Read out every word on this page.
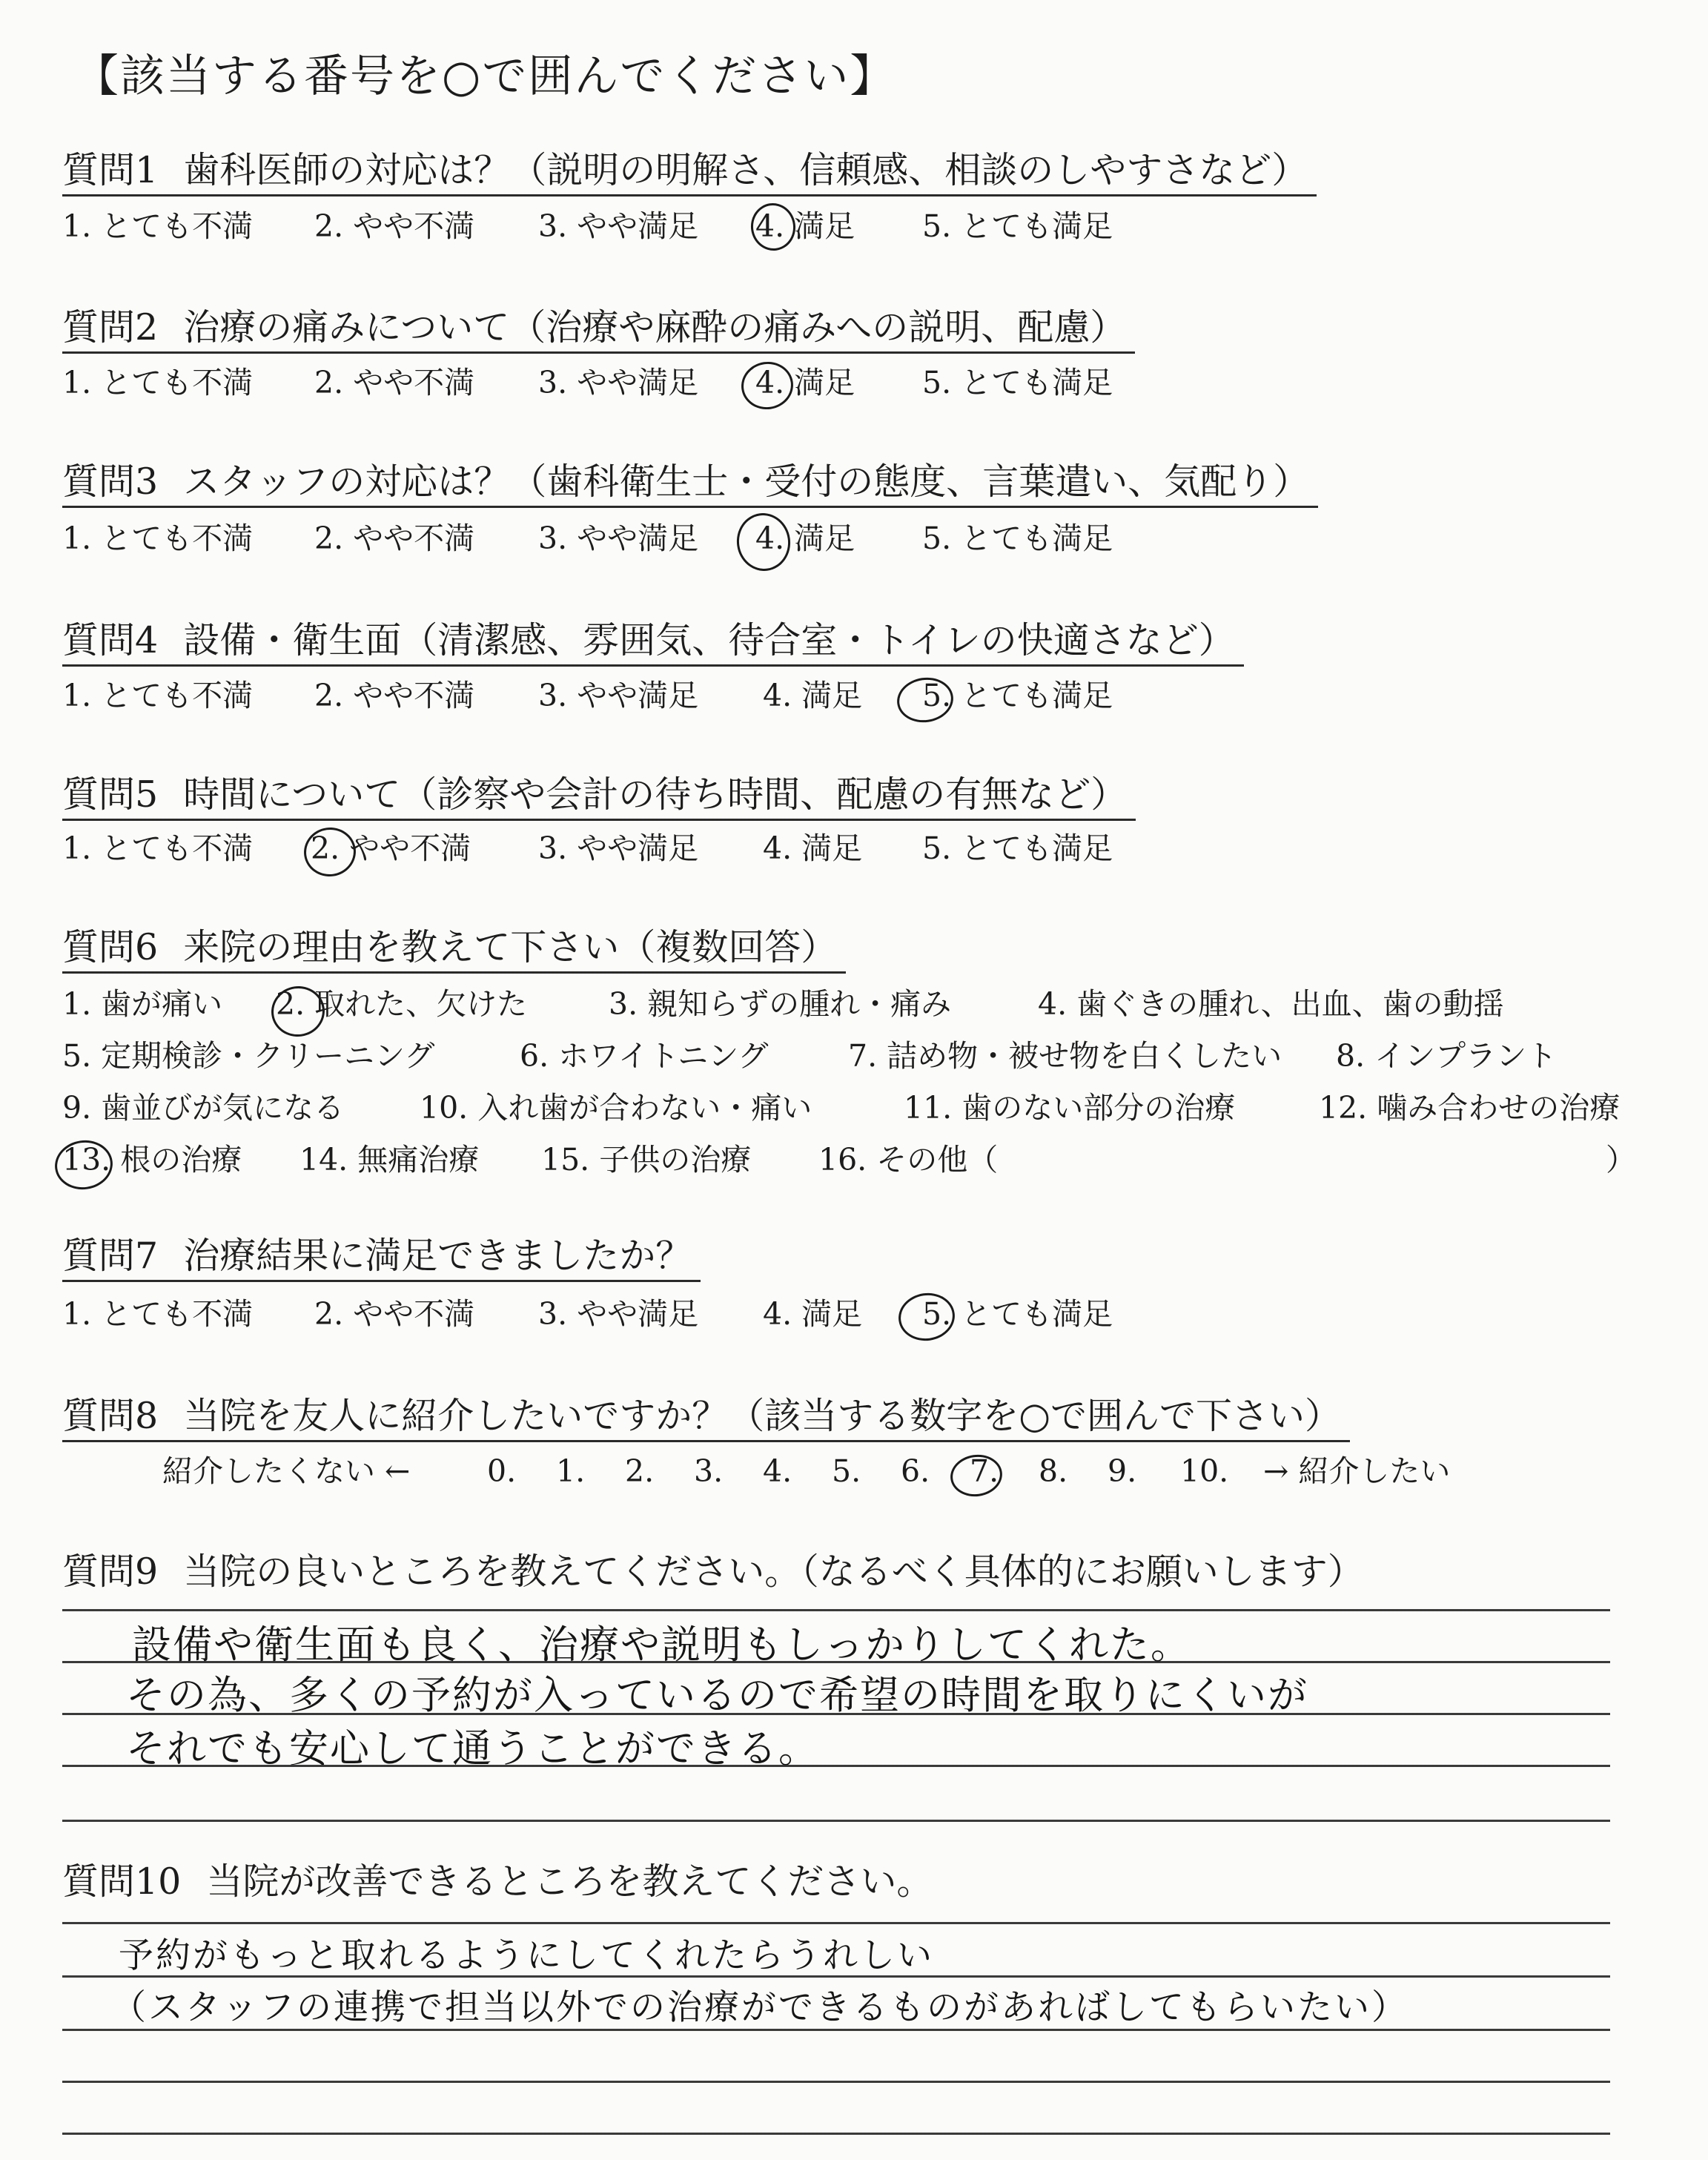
【該当する番号を○で囲んでください】
質問1 歯科医師の対応は？（説明の明解さ、信頼感、相談のしやすさなど）
1. とても不満 2. やや不満 3. やや満足 4. 満足 5. とても満足
質問2 治療の痛みについて（治療や麻酔の痛みへの説明、配慮）
1. とても不満 2. やや不満 3. やや満足 4. 満足 5. とても満足
質問3 スタッフの対応は？（歯科衛生士・受付の態度、言葉遣い、気配り）
1. とても不満 2. やや不満 3. やや満足 4. 満足 5. とても満足
質問4 設備・衛生面（清潔感、雰囲気、待合室・トイレの快適さなど）
1. とても不満 2. やや不満 3. やや満足 4. 満足 5. とても満足
質問5 時間について（診察や会計の待ち時間、配慮の有無など）
1. とても不満 2. やや不満 3. やや満足 4. 満足 5. とても満足
質問6 来院の理由を教えて下さい（複数回答）
1. 歯が痛い 2. 取れた、欠けた	3. 親知らずの腫れ・痛み	4. 歯ぐきの腫れ、出血、歯の動揺
5. 定期検診・クリーニング	6. ホワイトニング	7. 詰め物・被せ物を白くしたい 8. インプラント
9. 歯並びが気になる 10. 入れ歯が合わない・痛い	11. 歯のない部分の治療	12. 噛み合わせの治療
13. 根の治療 14. 無痛治療 15. 子供の治療 16. その他（	）
質問7 治療結果に満足できましたか？
1. とても不満 2. やや不満 3. やや満足 4. 満足 5. とても満足
質問8 当院を友人に紹介したいですか？（該当する数字を○で囲んで下さい）
紹介したくない ←	0. 1. 2. 3. 4. 5. 6. 7. 8. 9. 10. → 紹介したい
質問9 当院の良いところを教えてください。（なるべく具体的にお願いします）
設備や衛生面も良く、治療や説明もしっかりしてくれた。
その為、多くの予約が入っているので希望の時間を取りにくいが
それでも安心して通うことができる。
質問10 当院が改善できるところを教えてください。
予約がもっと取れるようにしてくれたらうれしい
（スタッフの連携で担当以外での治療ができるものがあればしてもらいたい）
